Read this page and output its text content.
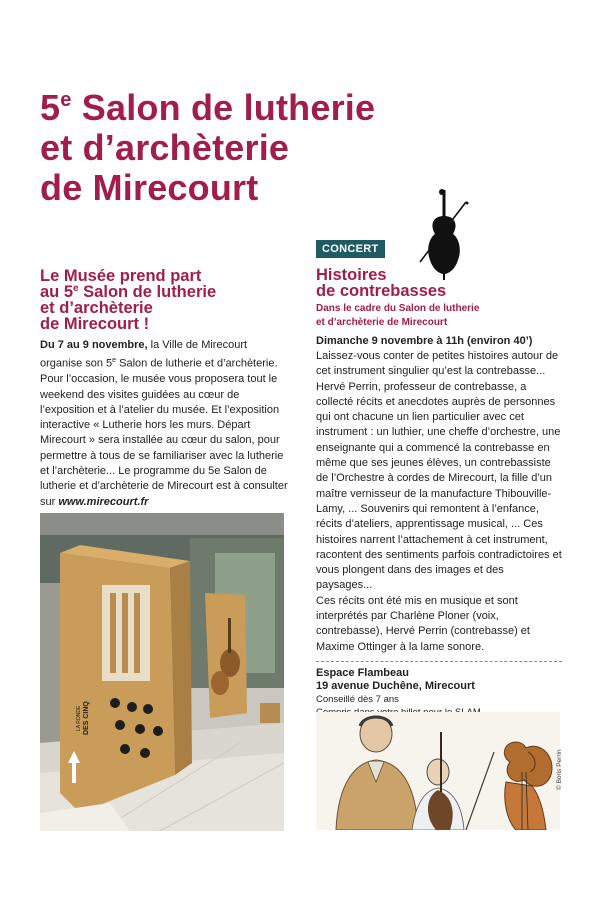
5e Salon de lutherie
et d’archèterie
de Mirecourt
Le Musée prend part
au 5e Salon de lutherie
et d’archèterie
de Mirecourt !

Du 7 au 9 novembre, la Ville de Mirecourt organise son 5e Salon de lutherie et d’archèterie. Pour l’occasion, le musée vous proposera tout le weekend des visites guidées au cœur de l’exposition et à l’atelier du musée. Et l’exposition interactive « Lutherie hors les murs. Départ Mirecourt » sera installée au cœur du salon, pour permettre à tous de se familiariser avec la lutherie et l’archèterie... Le programme du 5e Salon de lutherie et d’archèterie de Mirecourt est à consulter sur www.mirecourt.fr

LA RONDE DES CINQ
CONCERT
Histoires
de contrebasses

Dans le cadre du Salon de lutherie
et d’archèterie de Mirecourt

Dimanche 9 novembre à 11h (environ 40’)

Laissez-vous conter de petites histoires autour de cet instrument singulier qu’est la contrebasse... Hervé Perrin, professeur de contrebasse, a collecté récits et anecdotes auprès de personnes qui ont chacune un lien particulier avec cet instrument : un luthier, une cheffe d’orchestre, une enseignante qui a commencé la contrebasse en même que ses jeunes élèves, un contrebassiste de l’Orchestre à cordes de Mirecourt, la fille d’un maître vernisseur de la manufacture Thibouville-Lamy, ... Souvenirs qui remontent à l’enfance, récits d’ateliers, apprentissage musical, ... Ces histoires narrent l’attachement à cet instrument, racontent des sentiments parfois contradictoires et vous plongent dans des images et des paysages...

Ces récits ont été mis en musique et sont interprétés par Charlène Ploner (voix, contrebasse), Hervé Perrin (contrebasse) et Maxime Ottinger à la lame sonore.

Espace Flambeau

19 avenue Duchêne, Mirecourt

Conseillé dès 7 ans

© Boris Perrin
